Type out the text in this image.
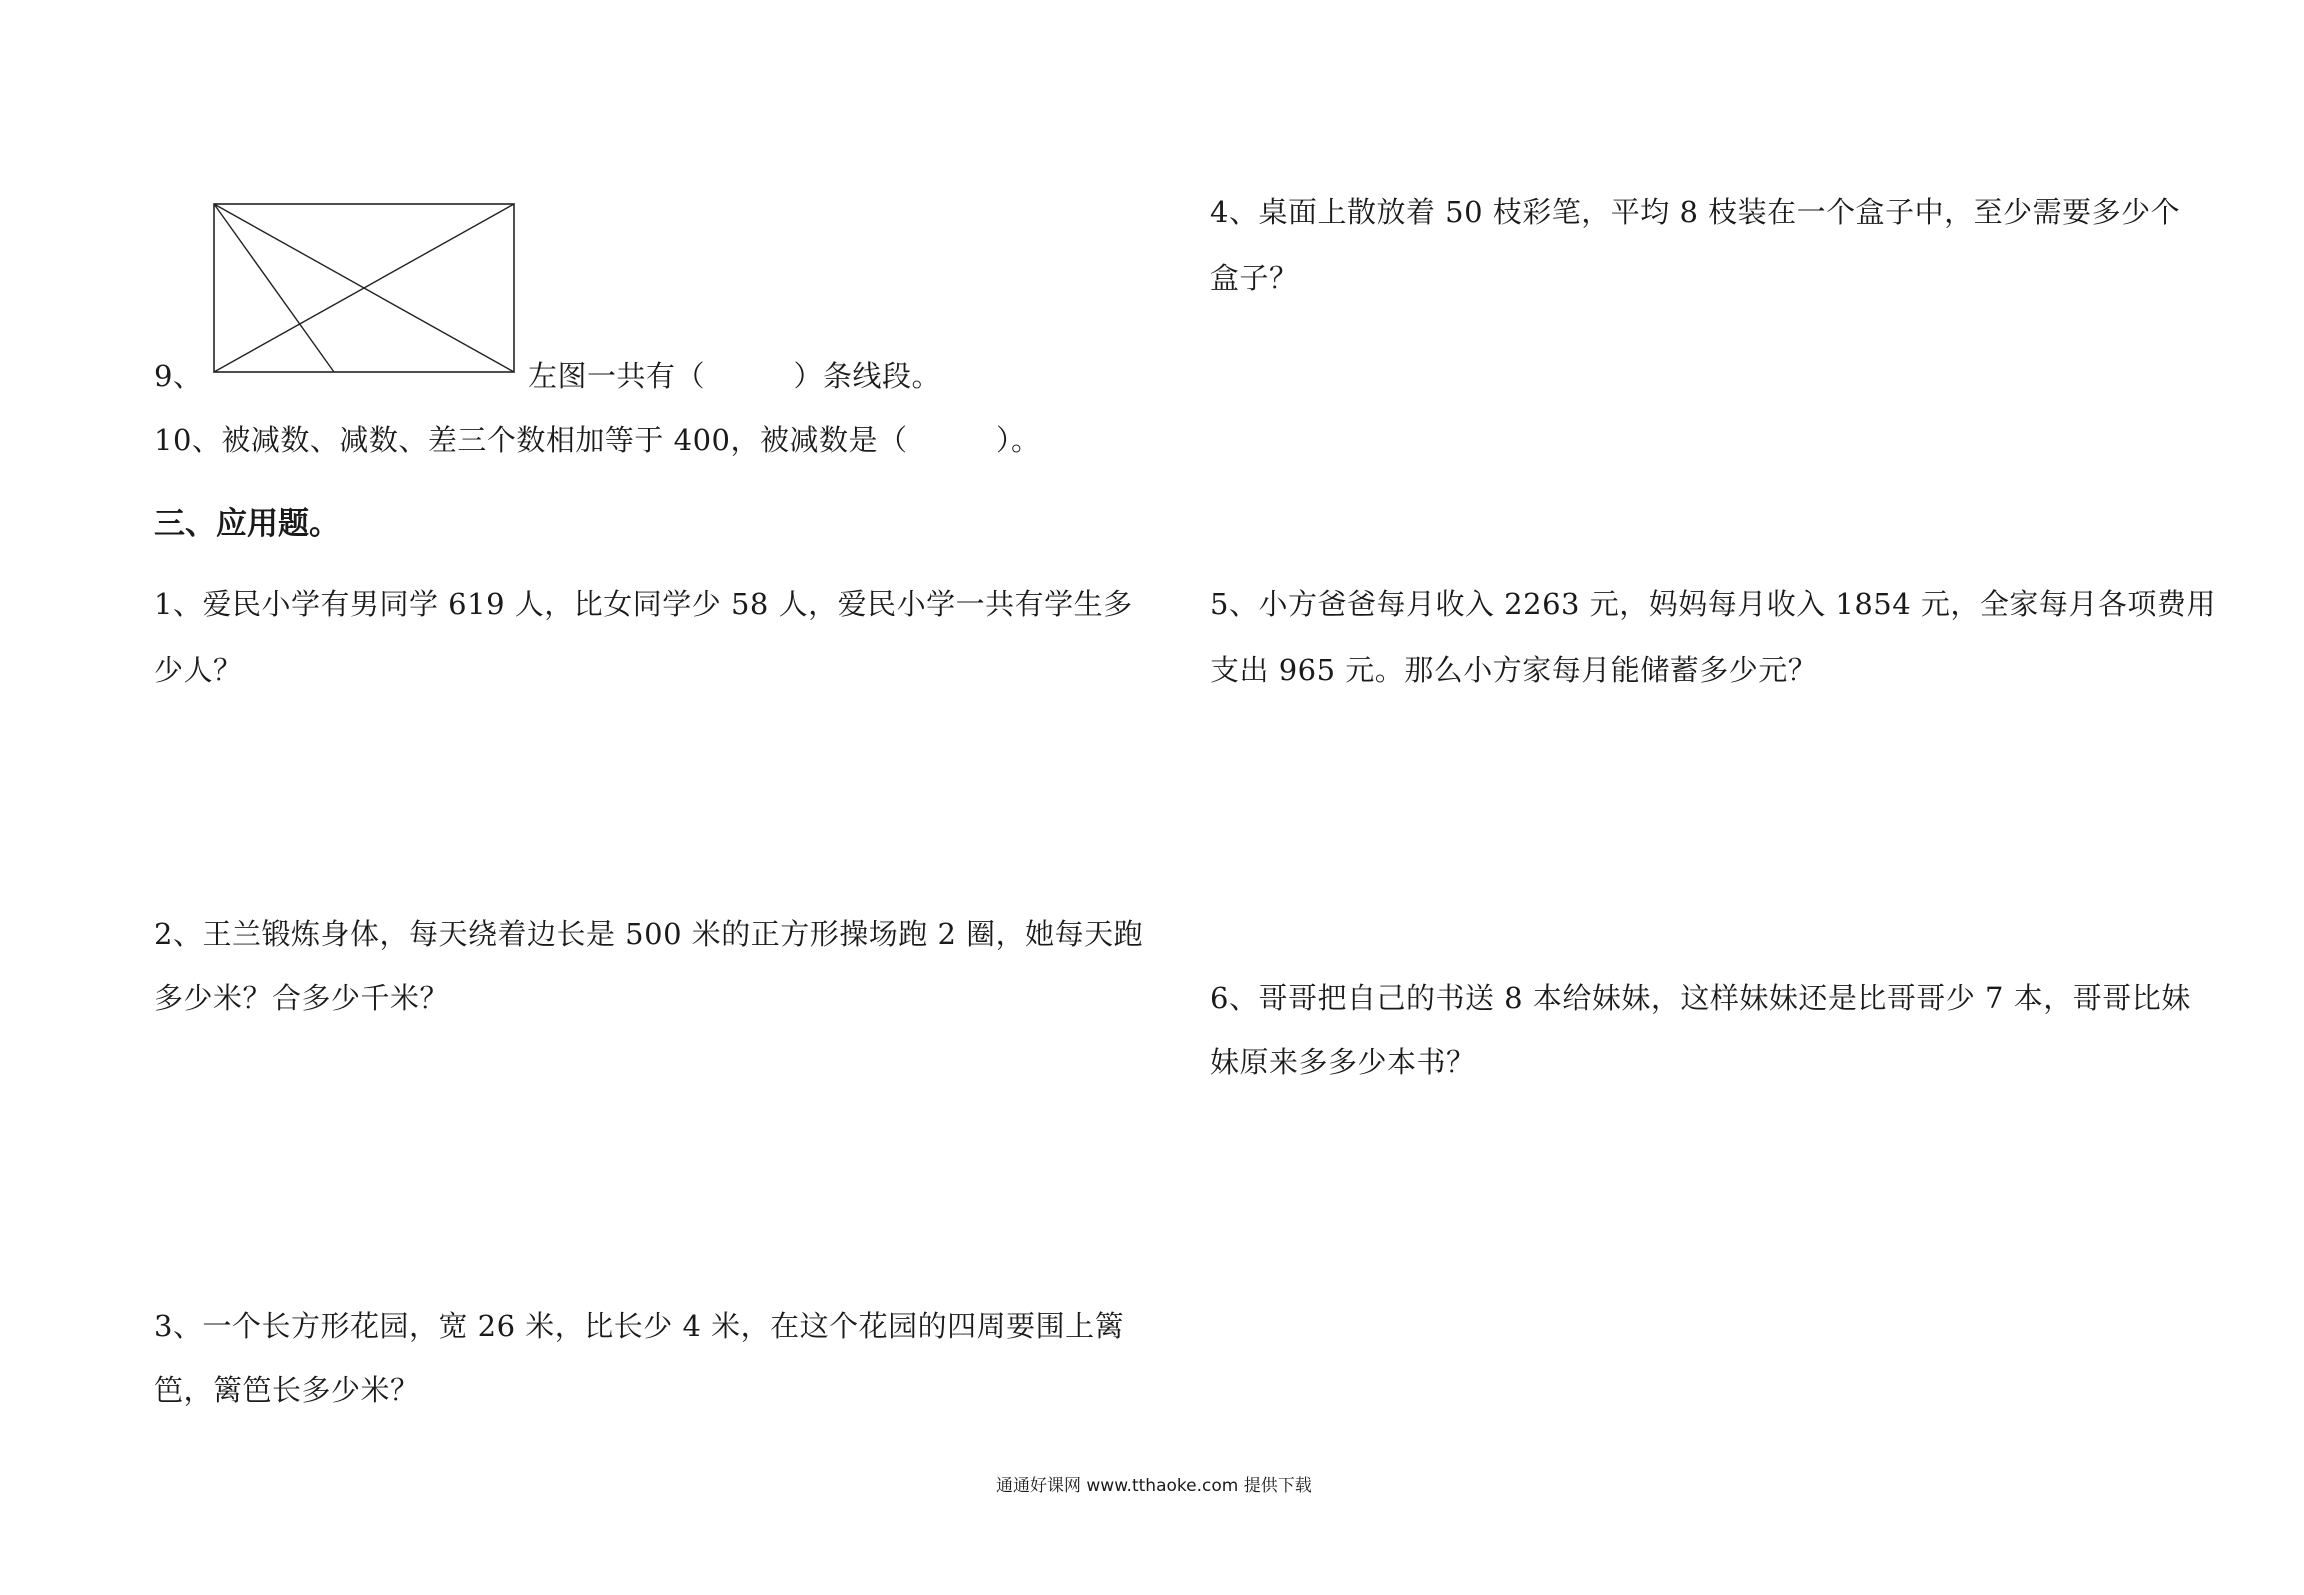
9、	左图一共有（　　　）条线段。
10、被减数、减数、差三个数相加等于 400，被减数是（　　　）。
三、应用题。
1、爱民小学有男同学 619 人，比女同学少 58 人，爱民小学一共有学生多
少人？
2、王兰锻炼身体，每天绕着边长是 500 米的正方形操场跑 2 圈，她每天跑
多少米？合多少千米？
3、一个长方形花园，宽 26 米，比长少 4 米，在这个花园的四周要围上篱
笆，篱笆长多少米？
4、桌面上散放着 50 枝彩笔，平均 8 枝装在一个盒子中，至少需要多少个
盒子？
5、小方爸爸每月收入 2263 元，妈妈每月收入 1854 元，全家每月各项费用
支出 965 元。那么小方家每月能储蓄多少元？
6、哥哥把自己的书送 8 本给妹妹，这样妹妹还是比哥哥少 7 本，哥哥比妹
妹原来多多少本书？
通通好课网 www.tthaoke.com 提供下载
